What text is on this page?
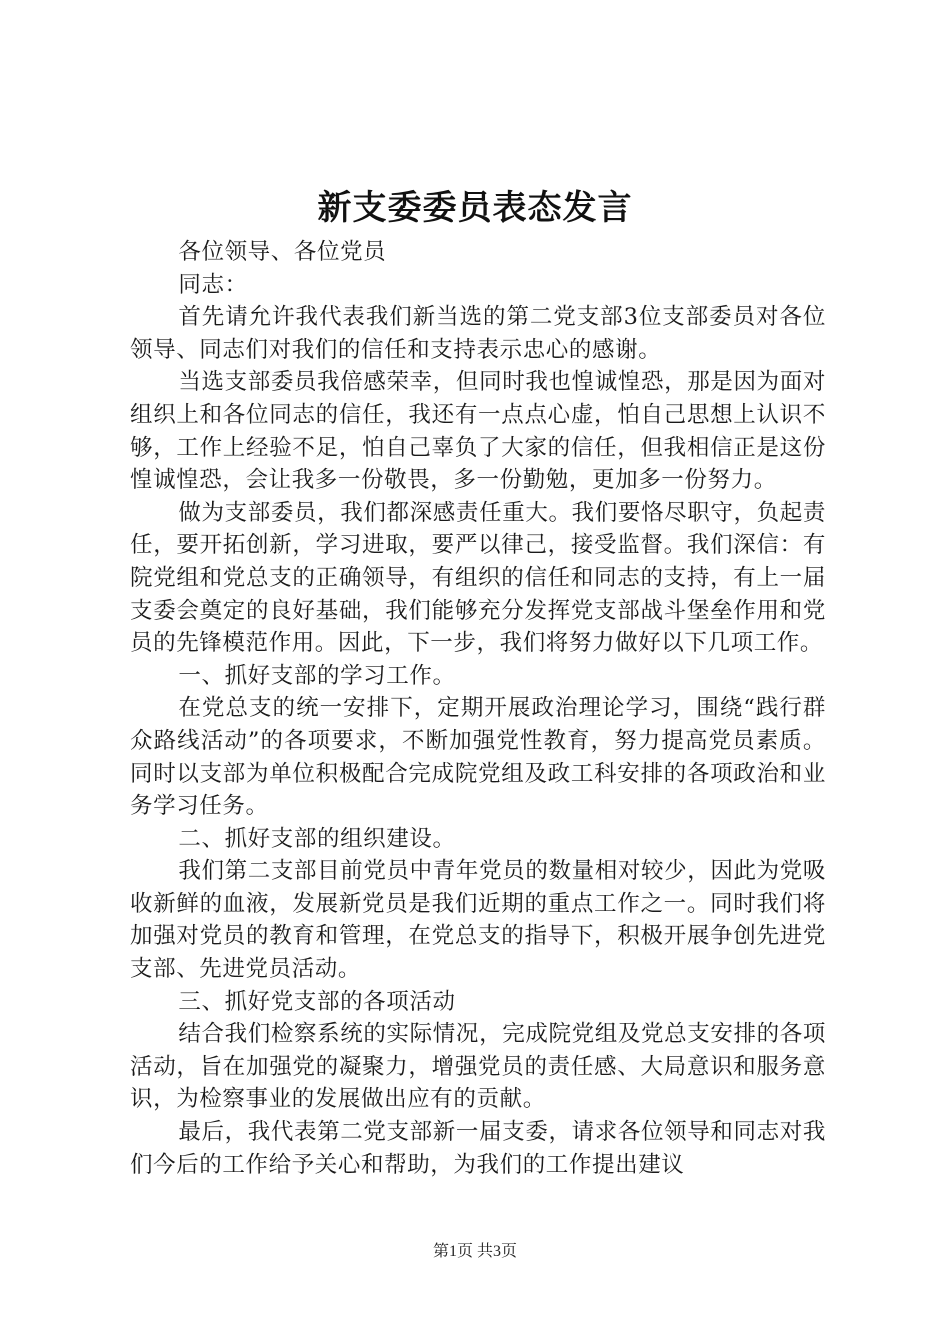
新支委委员表态发言

各位领导、各位党员

同志：

首先请允许我代表我们新当选的第二党支部3位支部委员对各位领导、同志们对我们的信任和支持表示忠心的感谢。

当选支部委员我倍感荣幸，但同时我也惶诚惶恐，那是因为面对组织上和各位同志的信任，我还有一点点心虚，怕自己思想上认识不够，工作上经验不足，怕自己辜负了大家的信任，但我相信正是这份惶诚惶恐，会让我多一份敬畏，多一份勤勉，更加多一份努力。

做为支部委员，我们都深感责任重大。我们要恪尽职守，负起责任，要开拓创新，学习进取，要严以律己，接受监督。我们深信：有院党组和党总支的正确领导，有组织的信任和同志的支持，有上一届支委会奠定的良好基础，我们能够充分发挥党支部战斗堡垒作用和党员的先锋模范作用。因此，下一步，我们将努力做好以下几项工作。

一、抓好支部的学习工作。

在党总支的统一安排下，定期开展政治理论学习，围绕“践行群众路线活动”的各项要求，不断加强党性教育，努力提高党员素质。同时以支部为单位积极配合完成院党组及政工科安排的各项政治和业务学习任务。

二、抓好支部的组织建设。

我们第二支部目前党员中青年党员的数量相对较少，因此为党吸收新鲜的血液，发展新党员是我们近期的重点工作之一。同时我们将加强对党员的教育和管理，在党总支的指导下，积极开展争创先进党支部、先进党员活动。

三、抓好党支部的各项活动

结合我们检察系统的实际情况，完成院党组及党总支安排的各项活动，旨在加强党的凝聚力，增强党员的责任感、大局意识和服务意识，为检察事业的发展做出应有的贡献。

最后，我代表第二党支部新一届支委，请求各位领导和同志对我们今后的工作给予关心和帮助，为我们的工作提出建议

第1页 共3页
